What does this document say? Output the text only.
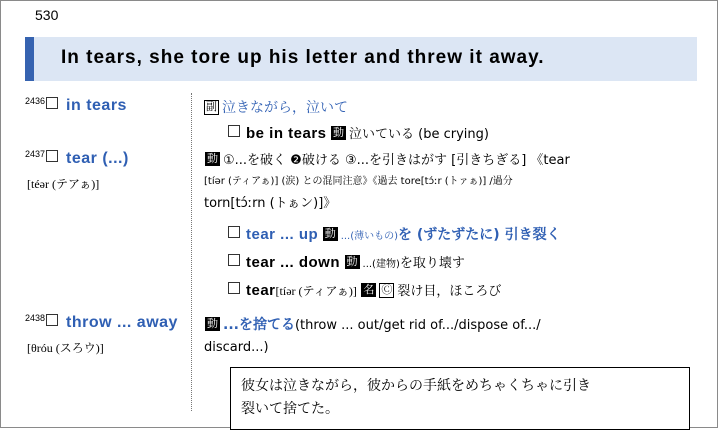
530
In tears, she tore up his letter and threw it away.
$^{2436}$ in tears	副 泣きながら，泣いて
be in tears 動 泣いている (be crying)
$^{2437}$ tear (...)
[téər (テアぁ)]
動 ①...を破く ❷破ける ③...を引きはがす [引きちぎる] 《tear
[tíər (ティアぁ)] (涙) との混同注意》《過去 tore[tɔ́ːr (トァぁ)] /過分
torn[tɔ́ːrn (トぁン)]》
tear ... up 動 ...(薄いもの)を (ずたずたに) 引き裂く
tear ... down 動 ...(建物)を取り壊す
tear[tíər (ティアぁ)] 名 Ⓒ 裂け目，ほころび
$^{2438}$ throw ... away
[θróu (スろウ)]
動 ...を捨てる(throw ... out/get rid of.../dispose of.../
discard...)
彼女は泣きながら，彼からの手紙をめちゃくちゃに引き
裂いて捨てた。
